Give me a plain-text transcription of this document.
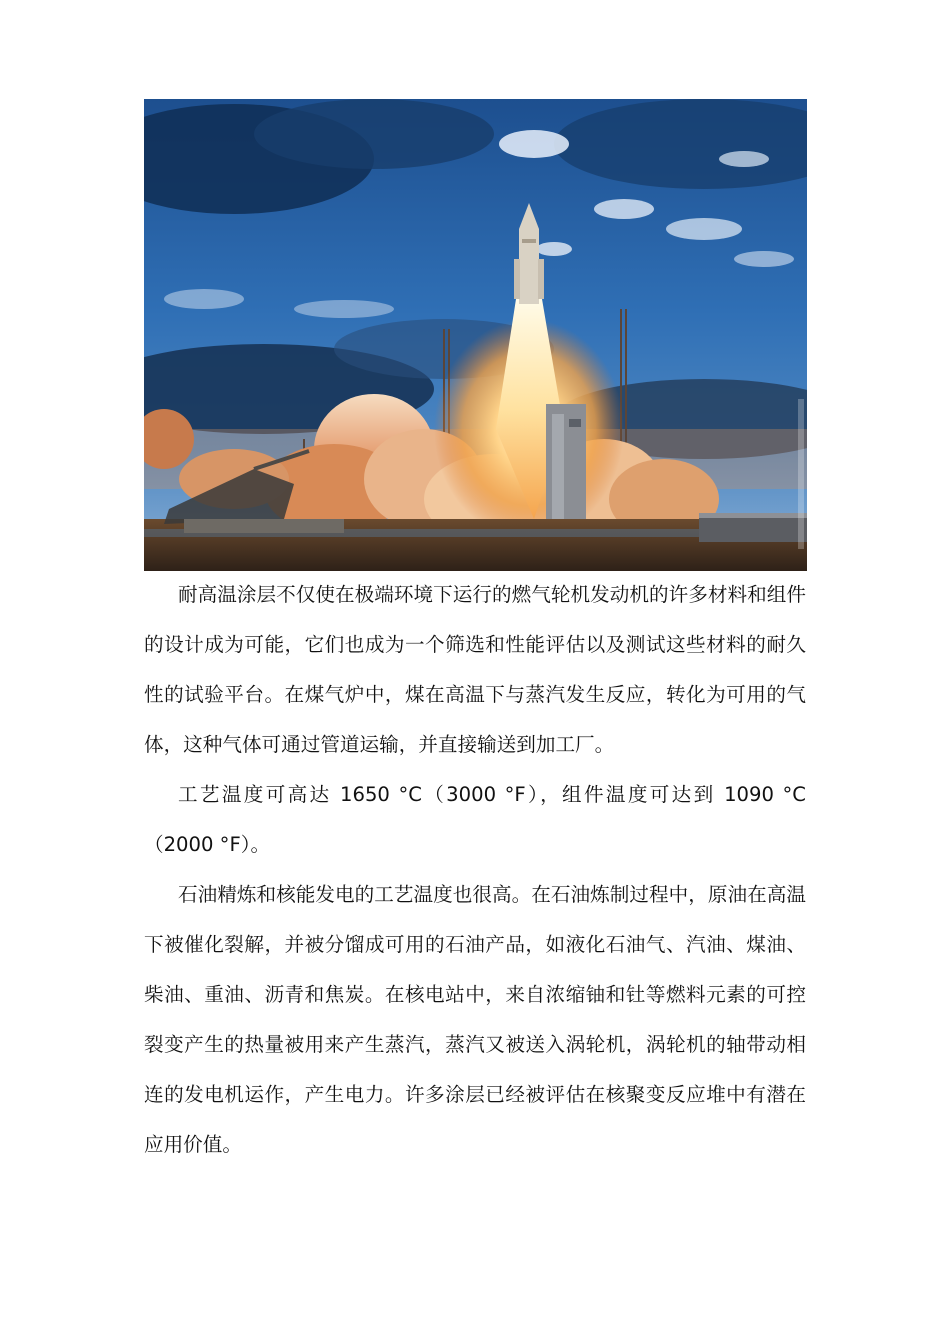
耐高温涂层不仅使在极端环境下运行的燃气轮机发动机的许多材料和组件的设计成为可能，它们也成为一个筛选和性能评估以及测试这些材料的耐久性的试验平台。在煤气炉中，煤在高温下与蒸汽发生反应，转化为可用的气体，这种气体可通过管道运输，并直接输送到加工厂。

工艺温度可高达 1650 °C（3000 °F），组件温度可达到 1090 °C（2000 °F）。

石油精炼和核能发电的工艺温度也很高。在石油炼制过程中，原油在高温下被催化裂解，并被分馏成可用的石油产品，如液化石油气、汽油、煤油、柴油、重油、沥青和焦炭。在核电站中，来自浓缩铀和钍等燃料元素的可控裂变产生的热量被用来产生蒸汽，蒸汽又被送入涡轮机，涡轮机的轴带动相连的发电机运作，产生电力。许多涂层已经被评估在核聚变反应堆中有潜在应用价值。
